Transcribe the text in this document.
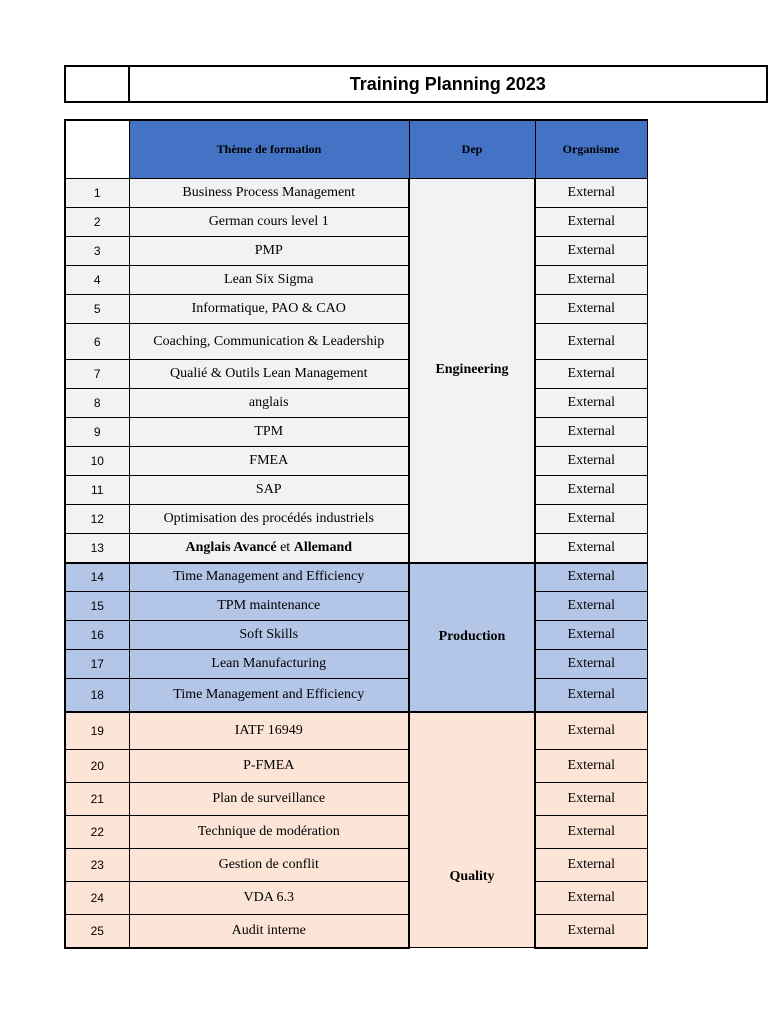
	Training Planning 2023
	Thème de formation	Dep	Organisme
1	Business Process Management	Engineering	External
2	German cours level 1		External
3	PMP		External
4	Lean Six Sigma		External
5	Informatique, PAO & CAO		External
6	Coaching, Communication & Leadership		External
7	Qualié & Outils Lean Management		External
8	anglais		External
9	TPM		External
10	FMEA		External
11	SAP		External
12	Optimisation des procédés industriels		External
13	Anglais Avancé et Allemand		External
14	Time Management and Efficiency	Production	External
15	TPM maintenance		External
16	Soft Skills		External
17	Lean Manufacturing		External
18	Time Management and Efficiency		External
19	IATF 16949	Quality	External
20	P-FMEA		External
21	Plan de surveillance		External
22	Technique de modération		External
23	Gestion de conflit		External
24	VDA 6.3		External
25	Audit interne		External
